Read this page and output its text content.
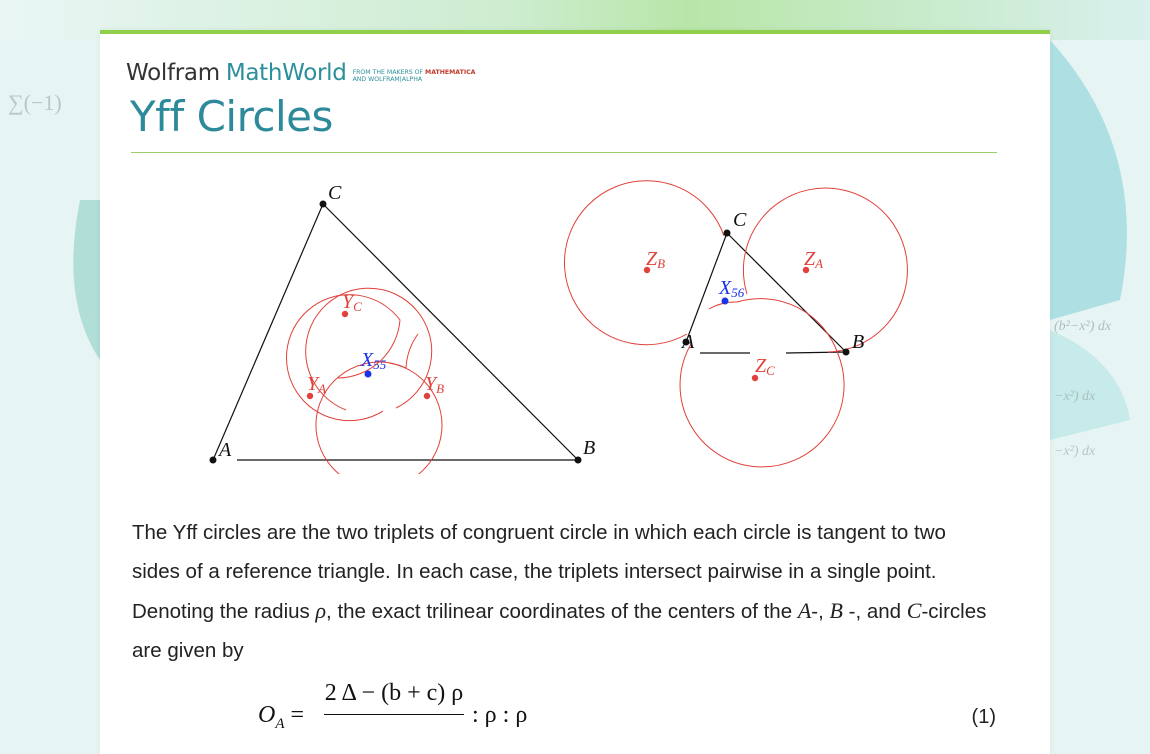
∑(−1)
(b²−x²) dx
−x²) dx
−x²) dx
Wolfram MathWorld FROM THE MAKERS OF MATHEMATICA
AND WOLFRAM|ALPHA
Yff Circles
A	B
C
X55
YA	YB
YC
A	B
C
X56
ZB	ZA
ZC

The Yff circles are the two triplets of congruent circle in which each circle is tangent to two sides of a reference triangle. In each case, the triplets intersect pairwise in a single point. Denoting the radius ρ, the exact trilinear coordinates of the centers of the A-, B -, and C-circles are given by

$O_A$ =
2 Δ − (b + c) ρ
: ρ : ρ	(1)
